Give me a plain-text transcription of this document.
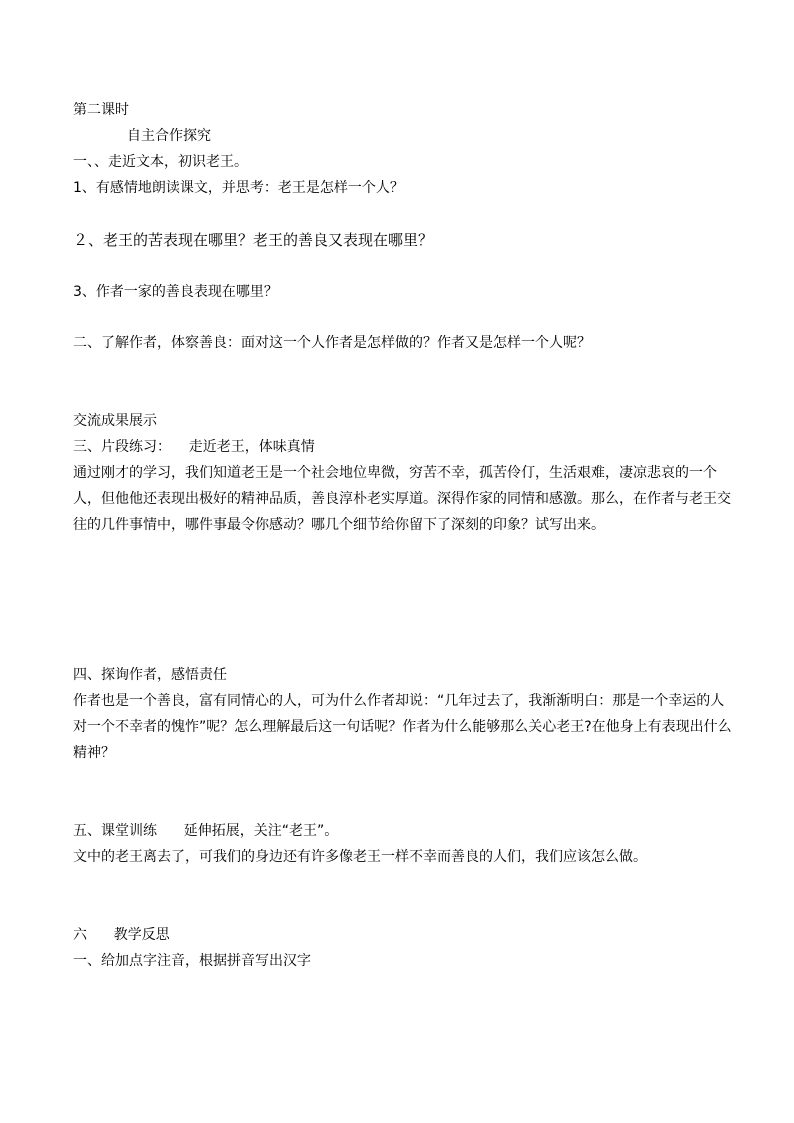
第二课时
自主合作探究
一、、走近文本，初识老王。
1、有感情地朗读课文，并思考：老王是怎样一个人？
２、老王的苦表现在哪里？老王的善良又表现在哪里？
3、作者一家的善良表现在哪里？
二、了解作者，体察善良：面对这一个人作者是怎样做的？作者又是怎样一个人呢？
交流成果展示
三、片段练习：    走近老王，体味真情
通过刚才的学习，我们知道老王是一个社会地位卑微，穷苦不幸，孤苦伶仃，生活艰难，凄凉悲哀的一个人，但他他还表现出极好的精神品质，善良淳朴老实厚道。深得作家的同情和感激。那么，在作者与老王交往的几件事情中，哪件事最令你感动？哪几个细节给你留下了深刻的印象？试写出来。
四、探询作者，感悟责任
作者也是一个善良，富有同情心的人，可为什么作者却说：“几年过去了，我渐渐明白：那是一个幸运的人对一个不幸者的愧怍”呢？怎么理解最后这一句话呢？作者为什么能够那么关心老王?在他身上有表现出什么精神？
五、课堂训练      延伸拓展，关注“老王”。
文中的老王离去了，可我们的身边还有许多像老王一样不幸而善良的人们，我们应该怎么做。
六      教学反思
一、给加点字注音，根据拼音写出汉字
